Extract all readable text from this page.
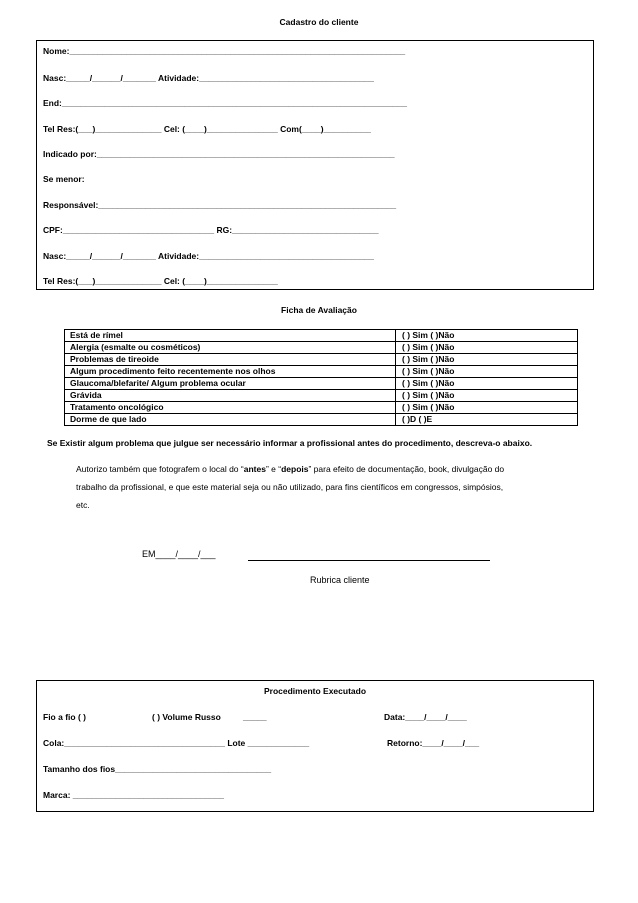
Cadastro do cliente
Nome:_______________________________________________________________________
Nasc:_____/______/_______ Atividade:_____________________________________
End:_________________________________________________________________________
Tel Res:(___)______________ Cel: (____)_______________ Com(____)__________
Indicado por:_______________________________________________________________
Se menor:
Responsável:_______________________________________________________________
CPF:________________________________ RG:_______________________________
Nasc:_____/______/_______ Atividade:_____________________________________
Tel Res:(___)______________ Cel: (____)_______________
Ficha de Avaliação
Está de rímel	( ) Sim ( )Não
Alergia (esmalte ou cosméticos)	( ) Sim ( )Não
Problemas de tireoide	( ) Sim ( )Não
Algum procedimento feito recentemente nos olhos	( ) Sim ( )Não
Glaucoma/blefarite/ Algum problema ocular	( ) Sim ( )Não
Grávida	( ) Sim ( )Não
Tratamento oncológico	( ) Sim ( )Não
Dorme de que lado	( )D ( )E
Se Existir algum problema que julgue ser necessário informar a profissional antes do procedimento, descreva-o abaixo.
Autorizo também que fotografem o local do “antes” e “depois” para efeito de documentação, book, divulgação do
trabalho da profissional, e que este material seja ou não utilizado, para fins científicos em congressos, simpósios,
etc.
EM____/____/___
Rubrica cliente
Procedimento Executado
Fio a fio ( )	( ) Volume Russo	_____	Data:____/____/____
Cola:__________________________________ Lote _____________	Retorno:____/____/___
Tamanho dos fios_________________________________
Marca: ________________________________
